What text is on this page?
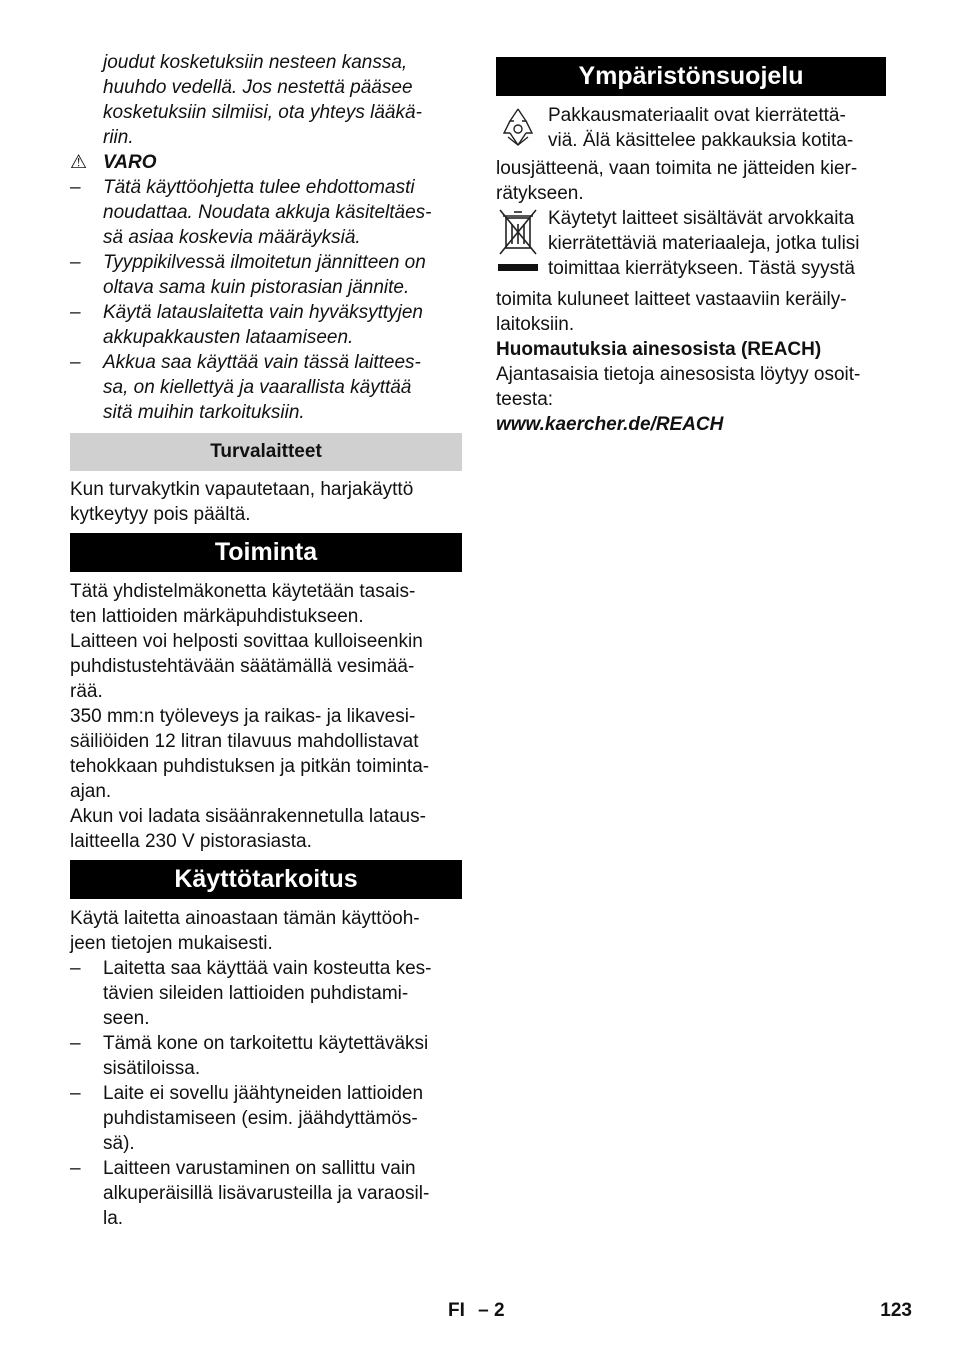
joudut kosketuksiin nesteen kanssa,

huuhdo vedellä. Jos nestettä pääsee

kosketuksiin silmiisi, ota yhteys lääkä-

riin.

⚠ VARO
– Tätä käyttöohjetta tulee ehdottomasti

noudattaa. Noudata akkuja käsiteltäes-

sä asiaa koskevia määräyksiä.

– Tyyppikilvessä ilmoitetun jännitteen on

oltava sama kuin pistorasian jännite.

– Käytä latauslaitetta vain hyväksyttyjen

akkupakkausten lataamiseen.

– Akkua saa käyttää vain tässä laittees-

sa, on kiellettyä ja vaarallista käyttää

sitä muihin tarkoituksiin.

Turvalaitteet

Kun turvakytkin vapautetaan, harjakäyttö

kytkeytyy pois päältä.

Toiminta

Tätä yhdistelmäkonetta käytetään tasais-

ten lattioiden märkäpuhdistukseen.

Laitteen voi helposti sovittaa kulloiseenkin

puhdistustehtävään säätämällä vesimää-

rää.

350 mm:n työleveys ja raikas- ja likavesi-

säiliöiden 12 litran tilavuus mahdollistavat

tehokkaan puhdistuksen ja pitkän toiminta-

ajan.

Akun voi ladata sisäänrakennetulla lataus-

laitteella 230 V pistorasiasta.

Käyttötarkoitus

Käytä laitetta ainoastaan tämän käyttöoh-

jeen tietojen mukaisesti.

– Laitetta saa käyttää vain kosteutta kes-

tävien sileiden lattioiden puhdistami-

seen.

– Tämä kone on tarkoitettu käytettäväksi

sisätiloissa.

– Laite ei sovellu jäähtyneiden lattioiden

puhdistamiseen (esim. jäähdyttämös-

sä).

– Laitteen varustaminen on sallittu vain

alkuperäisillä lisävarusteilla ja varaosil-

la.

Ympäristönsuojelu

Pakkausmateriaalit ovat kierrätettä-

viä. Älä käsittelee pakkauksia kotita-

lousjätteenä, vaan toimita ne jätteiden kier-

rätykseen.

Käytetyt laitteet sisältävät arvokkaita

kierrätettäviä materiaaleja, jotka tulisi

toimittaa kierrätykseen. Tästä syystä

toimita kuluneet laitteet vastaaviin keräily-

laitoksiin.

Huomautuksia ainesosista (REACH)

Ajantasaisia tietoja ainesosista löytyy osoit-

teesta:

www.kaercher.de/REACH

FI – 2	123
